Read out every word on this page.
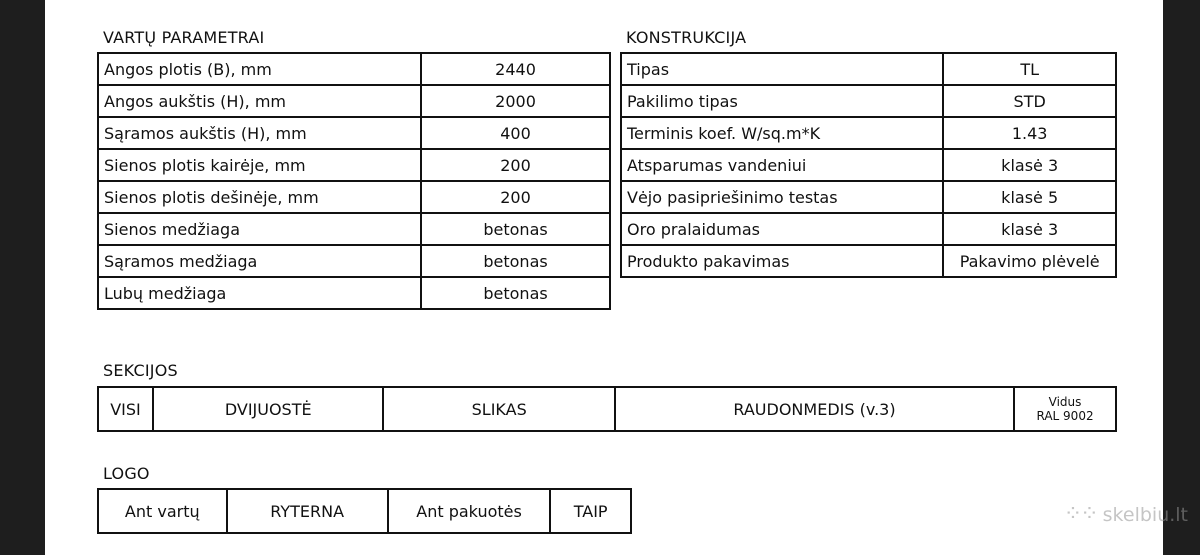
VARTŲ PARAMETRAI
Angos plotis (B), mm	2440
Angos aukštis (H), mm	2000
Sąramos aukštis (H), mm	400
Sienos plotis kairėje, mm	200
Sienos plotis dešinėje, mm	200
Sienos medžiaga	betonas
Sąramos medžiaga	betonas
Lubų medžiaga	betonas
KONSTRUKCIJA
Tipas	TL
Pakilimo tipas	STD
Terminis koef. W/sq.m*K	1.43
Atsparumas vandeniui	klasė 3
Vėjo pasipriešinimo testas	klasė 5
Oro pralaidumas	klasė 3
Produkto pakavimas	Pakavimo plėvelė
SEKCIJOS
VISI	DVIJUOSTĖ	SLIKAS	RAUDONMEDIS (v.3)	Vidus
RAL 9002
LOGO
Ant vartų	RYTERNA	Ant pakuotės	TAIP	⁘⁘ skelbiu.lt
